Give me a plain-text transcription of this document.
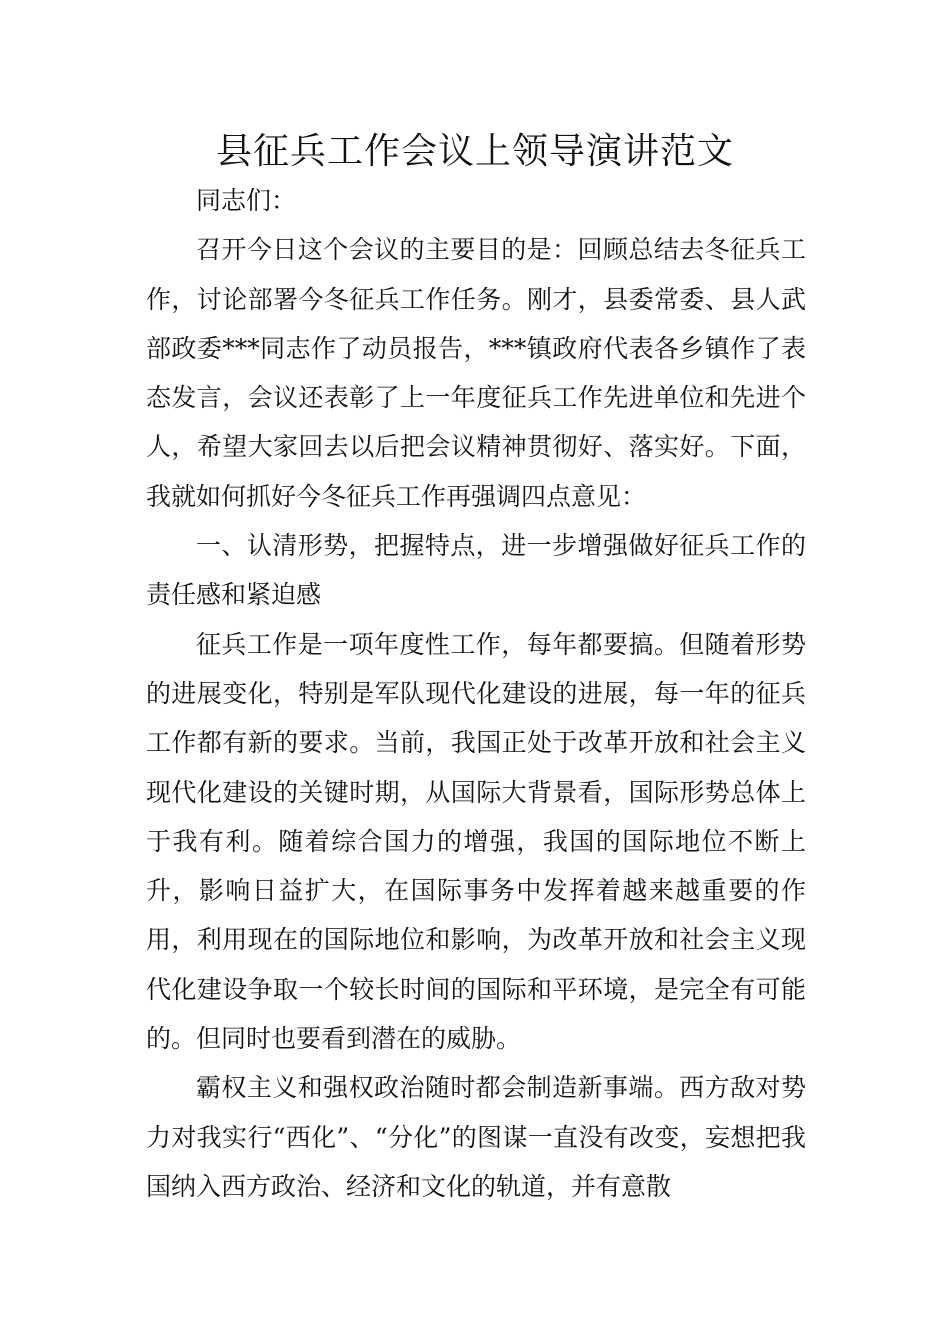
县征兵工作会议上领导演讲范文

同志们：

召开今日这个会议的主要目的是：回顾总结去冬征兵工作，讨论部署今冬征兵工作任务。刚才，县委常委、县人武部政委***同志作了动员报告，***镇政府代表各乡镇作了表态发言，会议还表彰了上一年度征兵工作先进单位和先进个人，希望大家回去以后把会议精神贯彻好、落实好。下面，我就如何抓好今冬征兵工作再强调四点意见：

一、认清形势，把握特点，进一步增强做好征兵工作的责任感和紧迫感

征兵工作是一项年度性工作，每年都要搞。但随着形势的进展变化，特别是军队现代化建设的进展，每一年的征兵工作都有新的要求。当前，我国正处于改革开放和社会主义现代化建设的关键时期，从国际大背景看，国际形势总体上于我有利。随着综合国力的增强，我国的国际地位不断上升，影响日益扩大，在国际事务中发挥着越来越重要的作用，利用现在的国际地位和影响，为改革开放和社会主义现代化建设争取一个较长时间的国际和平环境，是完全有可能的。但同时也要看到潜在的威胁。

霸权主义和强权政治随时都会制造新事端。西方敌对势力对我实行“西化”、“分化”的图谋一直没有改变，妄想把我国纳入西方政治、经济和文化的轨道，并有意散
